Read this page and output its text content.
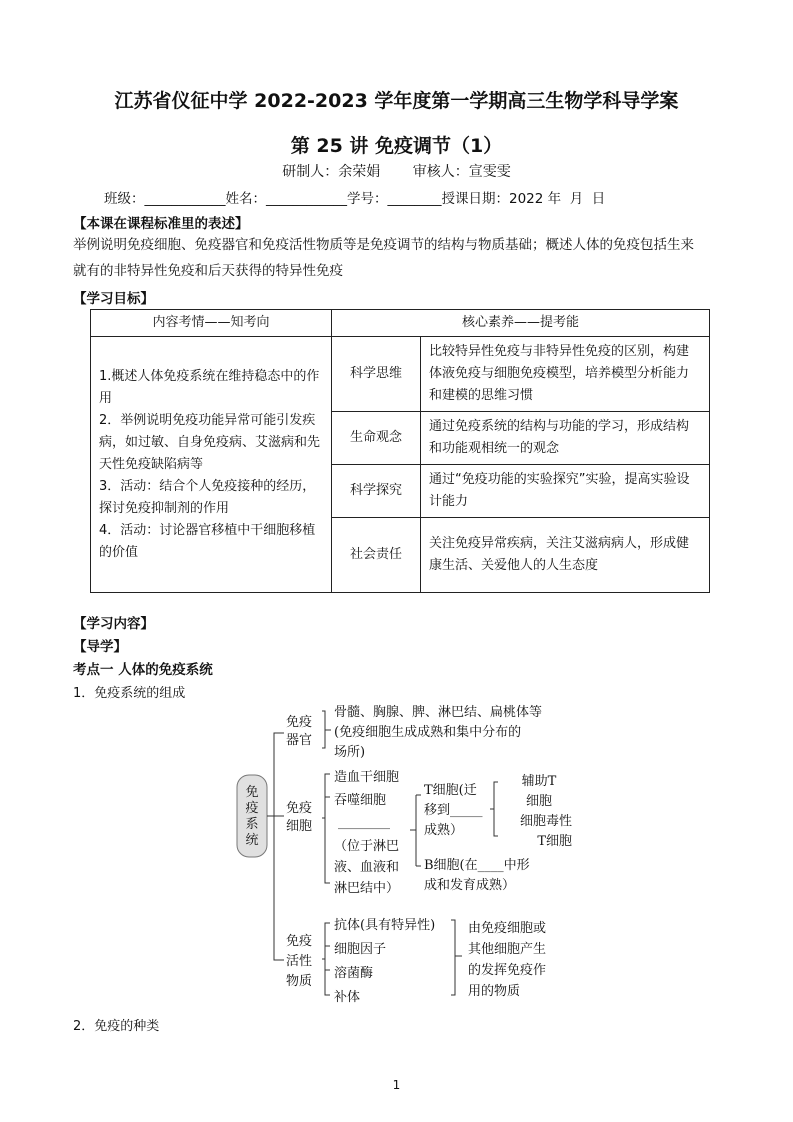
江苏省仪征中学 2022-2023 学年度第一学期高三生物学科导学案
第 25 讲 免疫调节（1）
研制人：余荣娟 审核人：宣雯雯
班级：____________姓名：____________学号：________授课日期：2022 年  月  日
【本课在课程标准里的表述】
举例说明免疫细胞、免疫器官和免疫活性物质等是免疫调节的结构与物质基础；概述人体的免疫包括生来
就有的非特异性免疫和后天获得的特异性免疫
【学习目标】
内容考情——知考向	核心素养——提考能	

1.概述人体免疫系统在维持稳态中的作用
2．举例说明免疫功能异常可能引发疾病，如过敏、自身免疫病、艾滋病和先天性免疫缺陷病等
3．活动：结合个人免疫接种的经历，探讨免疫抑制剂的作用
4．活动：讨论器官移植中干细胞移植的价值	科学思维	比较特异性免疫与非特异性免疫的区别，构建体液免疫与细胞免疫模型，培养模型分析能力和建模的思维习惯
	生命观念	通过免疫系统的结构与功能的学习，形成结构和功能观相统一的观念
	科学探究	通过“免疫功能的实验探究”实验，提高实验设计能力
	社会责任	关注免疫异常疾病，关注艾滋病病人，形成健康生活、关爱他人的人生态度
【学习内容】
【导学】
考点一 人体的免疫系统
1．免疫系统的组成
免疫系统
免疫
器官
骨髓、胸腺、脾、淋巴结、扁桃体等
(免疫细胞生成成熟和集中分布的
场所)
免疫
细胞
造血干细胞
吞噬细胞
________
（位于淋巴
液、血液和
淋巴结中）
T细胞(迁
移到_____
成熟）
辅助T
细胞
细胞毒性
T细胞
B细胞(在____中形
成和发育成熟）
免疫
活性
物质
抗体(具有特异性)
细胞因子
溶菌酶
补体
由免疫细胞或
其他细胞产生
的发挥免疫作
用的物质
2．免疫的种类
1
